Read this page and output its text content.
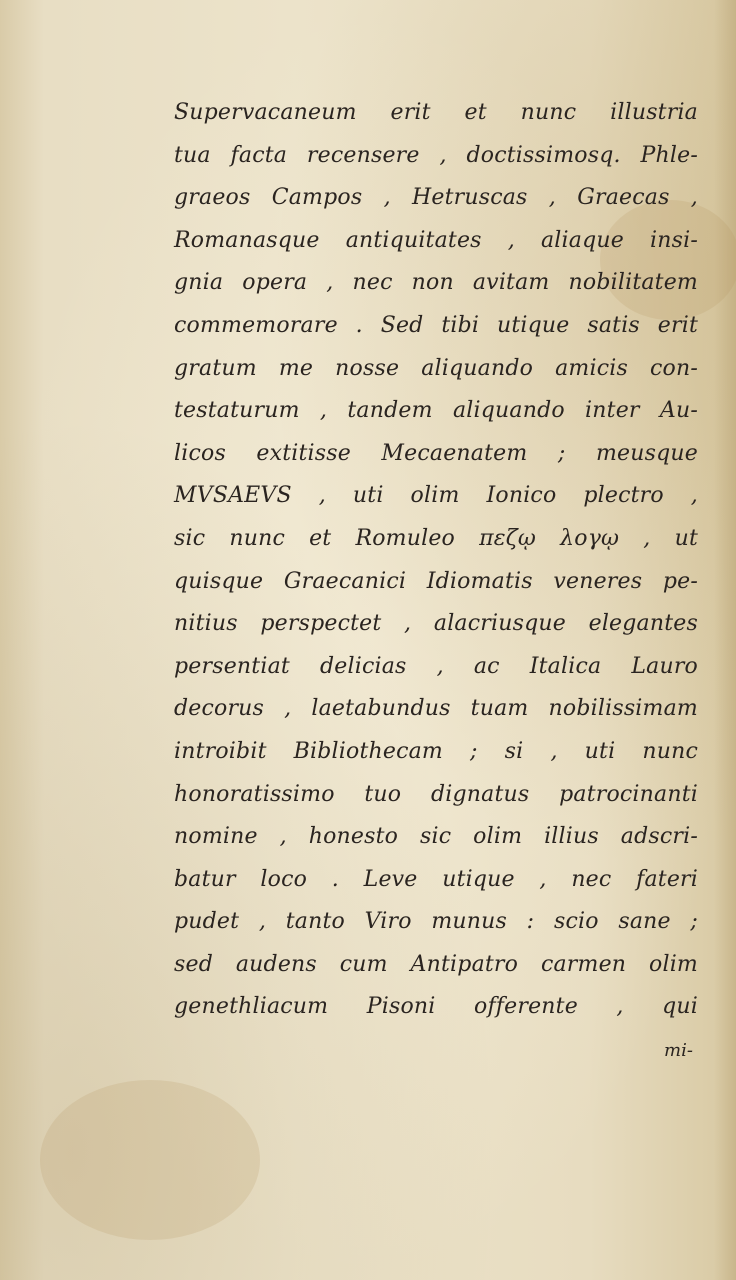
Supervacaneum erit et nunc illustria
tua facta recensere , doctissimosq. Phle-
graeos Campos , Hetruscas , Graecas ,
Romanasque antiquitates , aliaque insi-
gnia opera , nec non avitam nobilitatem
commemorare . Sed tibi utique satis erit
gratum me nosse aliquando amicis con-
testaturum , tandem aliquando inter Au-
licos extitisse Mecaenatem ; meusque
MVSAEVS , uti olim Ionico plectro ,
sic nunc et Romuleo πεζῳ λογῳ , ut
quisque Graecanici Idiomatis veneres pe-
nitius perspectet , alacriusque elegantes
persentiat delicias , ac Italica Lauro
decorus , laetabundus tuam nobilissimam
introibit Bibliothecam ; si , uti nunc
honoratissimo tuo dignatus patrocinanti
nomine , honesto sic olim illius adscri-
batur loco . Leve utique , nec fateri
pudet , tanto Viro munus : scio sane ;
sed audens cum Antipatro carmen olim
genethliacum Pisoni offerente , qui
mi-
